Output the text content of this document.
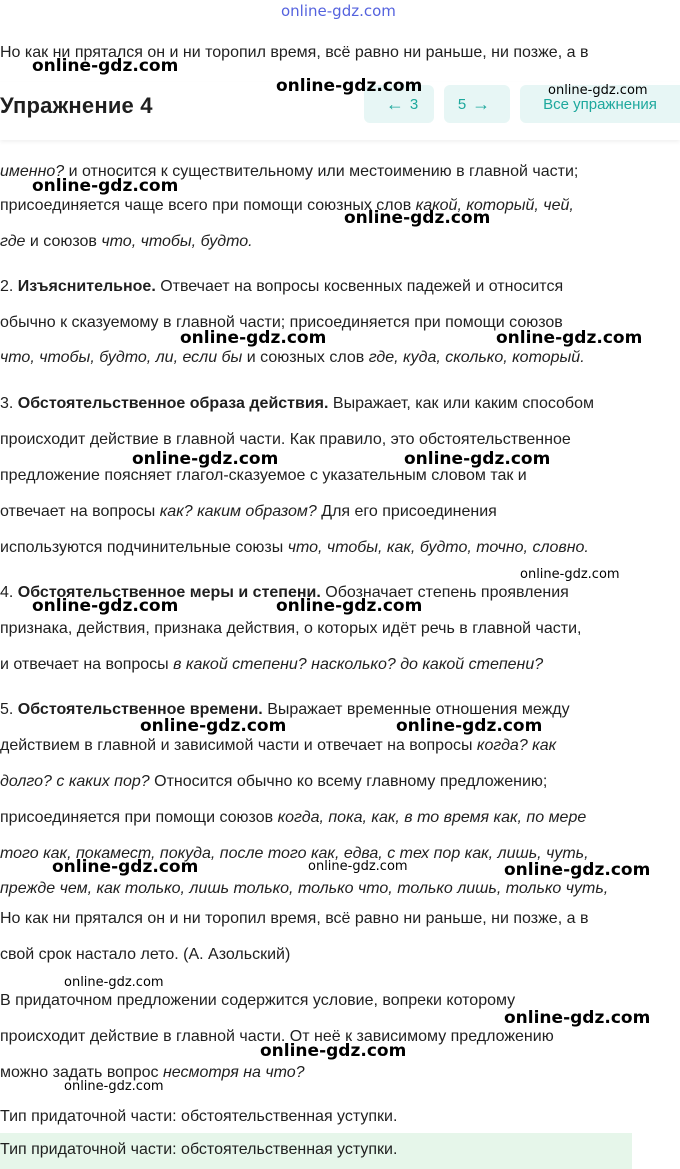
online-gdz.com
Но как ни прятался он и ни торопил время, всё равно ни раньше, ни позже, а в
именно? и относится к существительному или местоимению в главной части;
присоединяется чаще всего при помощи союзных слов какой, который, чей,
где и союзов что, чтобы, будто.
2. Изъяснительное. Отвечает на вопросы косвенных падежей и относится
обычно к сказуемому в главной части; присоединяется при помощи союзов
что, чтобы, будто, ли, если бы и союзных слов где, куда, сколько, который.
3. Обстоятельственное образа действия. Выражает, как или каким способом
происходит действие в главной части. Как правило, это обстоятельственное
предложение поясняет глагол-сказуемое с указательным словом так и
отвечает на вопросы как? каким образом? Для его присоединения
используются подчинительные союзы что, чтобы, как, будто, точно, словно.
4. Обстоятельственное меры и степени. Обозначает степень проявления
признака, действия, признака действия, о которых идёт речь в главной части,
и отвечает на вопросы в какой степени? насколько? до какой степени?
5. Обстоятельственное времени. Выражает временные отношения между
действием в главной и зависимой части и отвечает на вопросы когда? как
долго? с каких пор? Относится обычно ко всему главному предложению;
присоединяется при помощи союзов когда, пока, как, в то время как, по мере
того как, покамест, покуда, после того как, едва, с тех пор как, лишь, чуть,
прежде чем, как только, лишь только, только что, только лишь, только чуть,
Но как ни прятался он и ни торопил время, всё равно ни раньше, ни позже, а в
свой срок настало лето. (А. Азольский)
В придаточном предложении содержится условие, вопреки которому
происходит действие в главной части. От неё к зависимому предложению
можно задать вопрос несмотря на что?
Тип придаточной части: обстоятельственная уступки.
Упражнение 4	← 3	5 →	Все упражнения
Тип придаточной части: обстоятельственная уступки.
online-gdz.com
online-gdz.com
online-gdz.com
online-gdz.com
online-gdz.com	online-gdz.com
online-gdz.com	online-gdz.com
online-gdz.com	online-gdz.com
online-gdz.com	online-gdz.com
online-gdz.com	online-gdz.com
online-gdz.com
online-gdz.com
online-gdz.com
online-gdz.com
online-gdz.com
online-gdz.com
online-gdz.com
